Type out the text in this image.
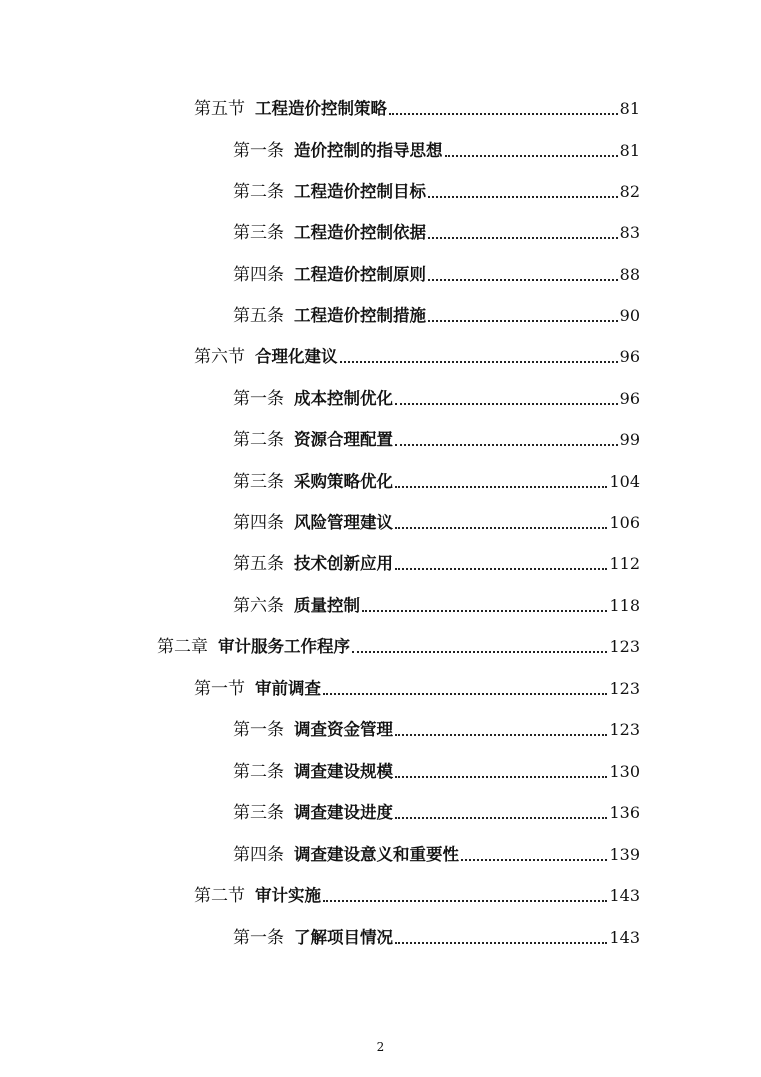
第五节 工程造价控制策略	81
第一条 造价控制的指导思想	81
第二条 工程造价控制目标	82
第三条 工程造价控制依据	83
第四条 工程造价控制原则	88
第五条 工程造价控制措施	90
第六节 合理化建议	96
第一条 成本控制优化	96
第二条 资源合理配置	99
第三条 采购策略优化	104
第四条 风险管理建议	106
第五条 技术创新应用	112
第六条 质量控制	118
第二章 审计服务工作程序	123
第一节 审前调查	123
第一条 调查资金管理	123
第二条 调查建设规模	130
第三条 调查建设进度	136
第四条 调查建设意义和重要性	139
第二节 审计实施	143
第一条 了解项目情况	143
2
